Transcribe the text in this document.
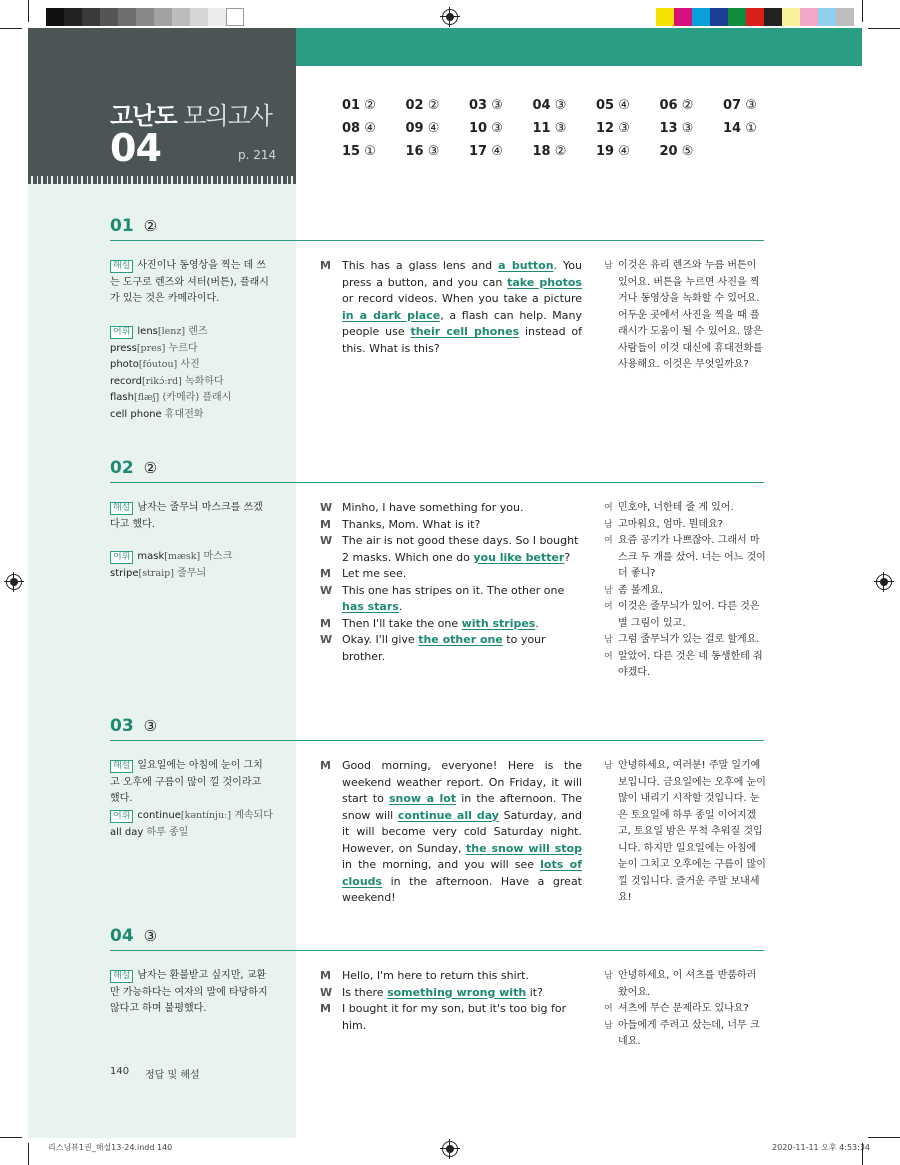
고난도 모의고사
04	p. 214
01 ② 02 ② 03 ③ 04 ③ 05 ④ 06 ② 07 ③
08 ④ 09 ④ 10 ③ 11 ③ 12 ③ 13 ③ 14 ①
15 ① 16 ③ 17 ④ 18 ② 19 ④ 20 ⑤
01 ②
해설 사진이나 동영상을 찍는 데 쓰는 도구로 렌즈와 셔터(버튼), 플래시가 있는 것은 카메라이다.
어휘 lens[lenz] 렌즈
press[pres] 누르다
photo[fóutou] 사진
record[rikɔ́ːrd] 녹화하다
flash[flæʃ] (카메라) 플래시
cell phone 휴대전화
M This has a glass lens and a button. You press a button, and you can take photos or record videos. When you take a picture in a dark place, a flash can help. Many people use their cell phones instead of this. What is this?
남 이것은 유리 렌즈와 누름 버튼이 있어요. 버튼을 누르면 사진을 찍거나 동영상을 녹화할 수 있어요. 어두운 곳에서 사진을 찍을 때 플래시가 도움이 될 수 있어요. 많은 사람들이 이것 대신에 휴대전화를 사용해요. 이것은 무엇일까요?
02 ②
해설 남자는 줄무늬 마스크를 쓰겠다고 했다.
어휘 mask[mæsk] 마스크
stripe[straip] 줄무늬
W Minho, I have something for you.
M Thanks, Mom. What is it?
W The air is not good these days. So I bought 2 masks. Which one do you like better?
M Let me see.
W This one has stripes on it. The other one has stars.
M Then I'll take the one with stripes.
W Okay. I'll give the other one to your brother.
여 민호야, 너한테 줄 게 있어.
남 고마워요, 엄마. 뭔데요?
여 요즘 공기가 나쁘잖아. 그래서 마스크 두 개를 샀어. 너는 어느 것이 더 좋니?
남 좀 볼게요.
여 이것은 줄무늬가 있어. 다른 것은 별 그림이 있고.
남 그럼 줄무늬가 있는 걸로 할게요.
여 알았어. 다른 것은 네 동생한테 줘야겠다.
03 ③
해설 일요일에는 아침에 눈이 그치고 오후에 구름이 많이 낄 것이라고 했다.
어휘 continue[kəntínjuː] 계속되다
all day 하루 종일
M Good morning, everyone! Here is the weekend weather report. On Friday, it will start to snow a lot in the afternoon. The snow will continue all day Saturday, and it will become very cold Saturday night. However, on Sunday, the snow will stop in the morning, and you will see lots of clouds in the afternoon. Have a great weekend!
남 안녕하세요, 여러분! 주말 일기예보입니다. 금요일에는 오후에 눈이 많이 내리기 시작할 것입니다. 눈은 토요일에 하루 종일 이어지겠고, 토요일 밤은 무척 추워질 것입니다. 하지만 일요일에는 아침에 눈이 그치고 오후에는 구름이 많이 낄 것입니다. 즐거운 주말 보내세요!
04 ③
해설 남자는 환불받고 싶지만, 교환만 가능하다는 여자의 말에 타당하지 않다고 하며 불평했다.
M Hello, I'm here to return this shirt.
W Is there something wrong with it?
M I bought it for my son, but it's too big for him.
남 안녕하세요, 이 셔츠를 반품하러 왔어요.
여 셔츠에 무슨 문제라도 있나요?
남 아들에게 주려고 샀는데, 너무 크네요.
140 정답 및 해설
리스닝뷰1권_해설13-24.indd 140	2020-11-11 오후 4:53:34
